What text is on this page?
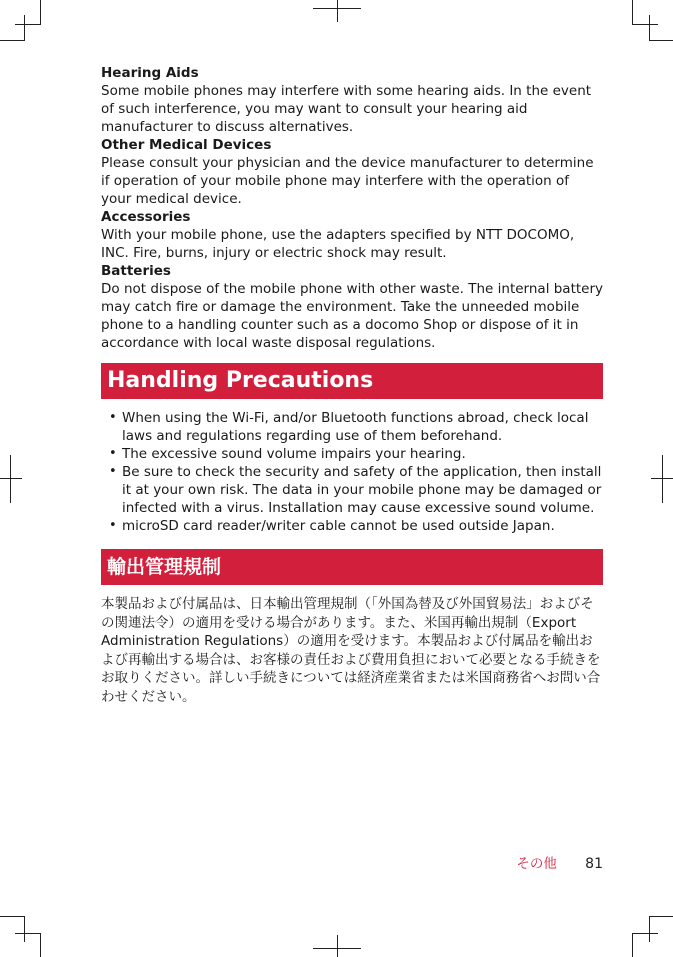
Hearing Aids
Some mobile phones may interfere with some hearing aids. In the event of such interference, you may want to consult your hearing aid manufacturer to discuss alternatives.
Other Medical Devices
Please consult your physician and the device manufacturer to determine if operation of your mobile phone may interfere with the operation of your medical device.
Accessories
With your mobile phone, use the adapters specified by NTT DOCOMO, INC. Fire, burns, injury or electric shock may result.
Batteries
Do not dispose of the mobile phone with other waste. The internal battery may catch fire or damage the environment. Take the unneeded mobile phone to a handling counter such as a docomo Shop or dispose of it in accordance with local waste disposal regulations.
Handling Precautions
• When using the Wi-Fi, and/or Bluetooth functions abroad, check local laws and regulations regarding use of them beforehand.
• The excessive sound volume impairs your hearing.
• Be sure to check the security and safety of the application, then install it at your own risk. The data in your mobile phone may be damaged or infected with a virus. Installation may cause excessive sound volume.
• microSD card reader/writer cable cannot be used outside Japan.
輸出管理規制
本製品および付属品は、日本輸出管理規制（「外国為替及び外国貿易法」およびその関連法令）の適用を受ける場合があります。また、米国再輸出規制（Export Administration Regulations）の適用を受けます。本製品および付属品を輸出および再輸出する場合は、お客様の責任および費用負担において必要となる手続きをお取りください。詳しい手続きについては経済産業省または米国商務省へお問い合わせください。
その他 81
